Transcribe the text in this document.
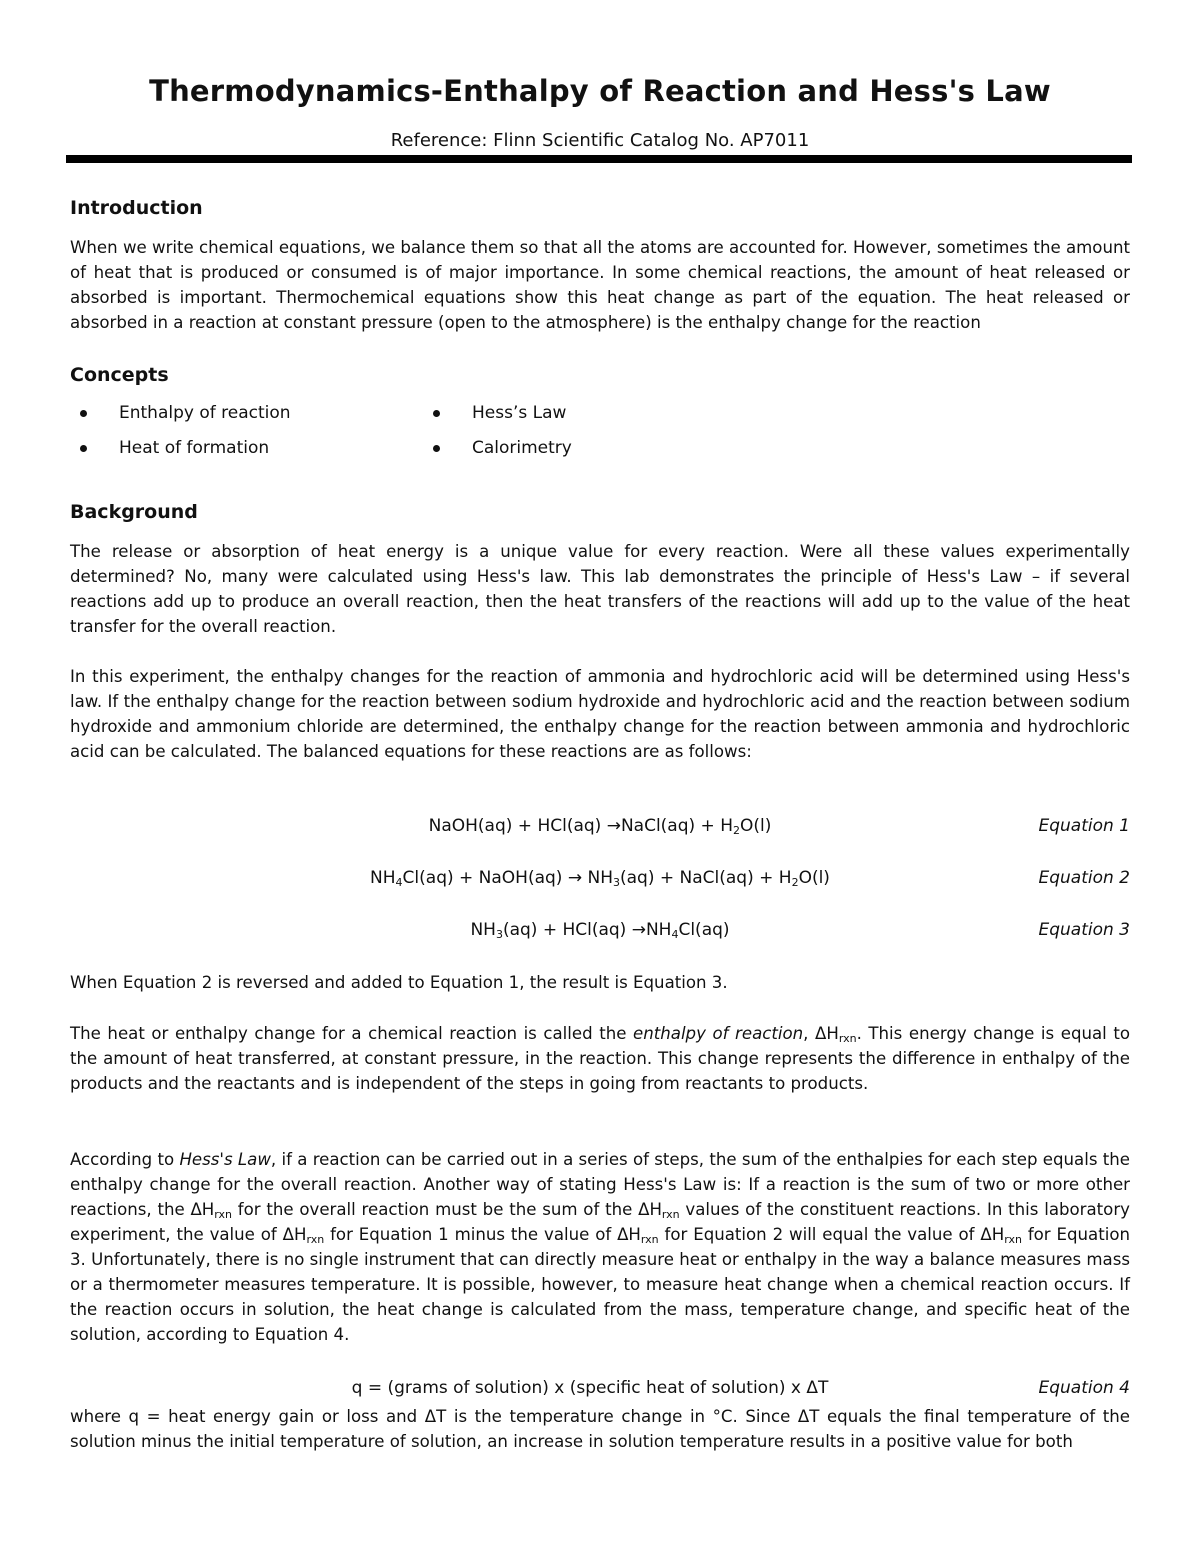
Thermodynamics-Enthalpy of Reaction and Hess's Law
Reference: Flinn Scientific Catalog No. AP7011
Introduction
When we write chemical equations, we balance them so that all the atoms are accounted for. However, sometimes the amount of heat that is produced or consumed is of major importance. In some chemical reactions, the amount of heat released or absorbed is important. Thermochemical equations show this heat change as part of the equation. The heat released or absorbed in a reaction at constant pressure (open to the atmosphere) is the enthalpy change for the reaction
Concepts
Enthalpy of reaction	Hess’s Law
Heat of formation	Calorimetry
Background
The release or absorption of heat energy is a unique value for every reaction. Were all these values experimentally determined? No, many were calculated using Hess's law. This lab demonstrates the principle of Hess's Law – if several reactions add up to produce an overall reaction, then the heat transfers of the reactions will add up to the value of the heat transfer for the overall reaction.
In this experiment, the enthalpy changes for the reaction of ammonia and hydrochloric acid will be determined using Hess's law. If the enthalpy change for the reaction between sodium hydroxide and hydrochloric acid and the reaction between sodium hydroxide and ammonium chloride are determined, the enthalpy change for the reaction between ammonia and hydrochloric acid can be calculated. The balanced equations for these reactions are as follows:
NaOH(aq) + HCl(aq) →NaCl(aq) + $H_2O(l)$	Equation 1
$NH_4Cl(aq)$ + NaOH(aq) → $NH_3(aq)$ + NaCl(aq) + $H_2O(l)$	Equation 2
$NH_3(aq) + HCl(aq) \to NH_4Cl(aq)$	Equation 3
When Equation 2 is reversed and added to Equation 1, the result is Equation 3.
The heat or enthalpy change for a chemical reaction is called the enthalpy of reaction, $\Delta H_{rxn}$. This energy change is equal to the amount of heat transferred, at constant pressure, in the reaction. This change represents the difference in enthalpy of the products and the reactants and is independent of the steps in going from reactants to products.
According to Hess's Law, if a reaction can be carried out in a series of steps, the sum of the enthalpies for each step equals the enthalpy change for the overall reaction. Another way of stating Hess's Law is: If a reaction is the sum of two or more other reactions, the $\Delta H_{rxn}$ for the overall reaction must be the sum of the $\Delta H_{rxn}$ values of the constituent reactions. In this laboratory experiment, the value of $\Delta H_{rxn}$ for Equation 1 minus the value of $\Delta H_{rxn}$ for Equation 2 will equal the value of $\Delta H_{rxn}$ for Equation 3. Unfortunately, there is no single instrument that can directly measure heat or enthalpy in the way a balance measures mass or a thermometer measures temperature. It is possible, however, to measure heat change when a chemical reaction occurs. If the reaction occurs in solution, the heat change is calculated from the mass, temperature change, and specific heat of the solution, according to Equation 4.
q = (grams of solution) x (specific heat of solution) x ΔT	Equation 4
where q = heat energy gain or loss and ΔT is the temperature change in °C. Since ΔT equals the final temperature of the solution minus the initial temperature of solution, an increase in solution temperature results in a positive value for both
